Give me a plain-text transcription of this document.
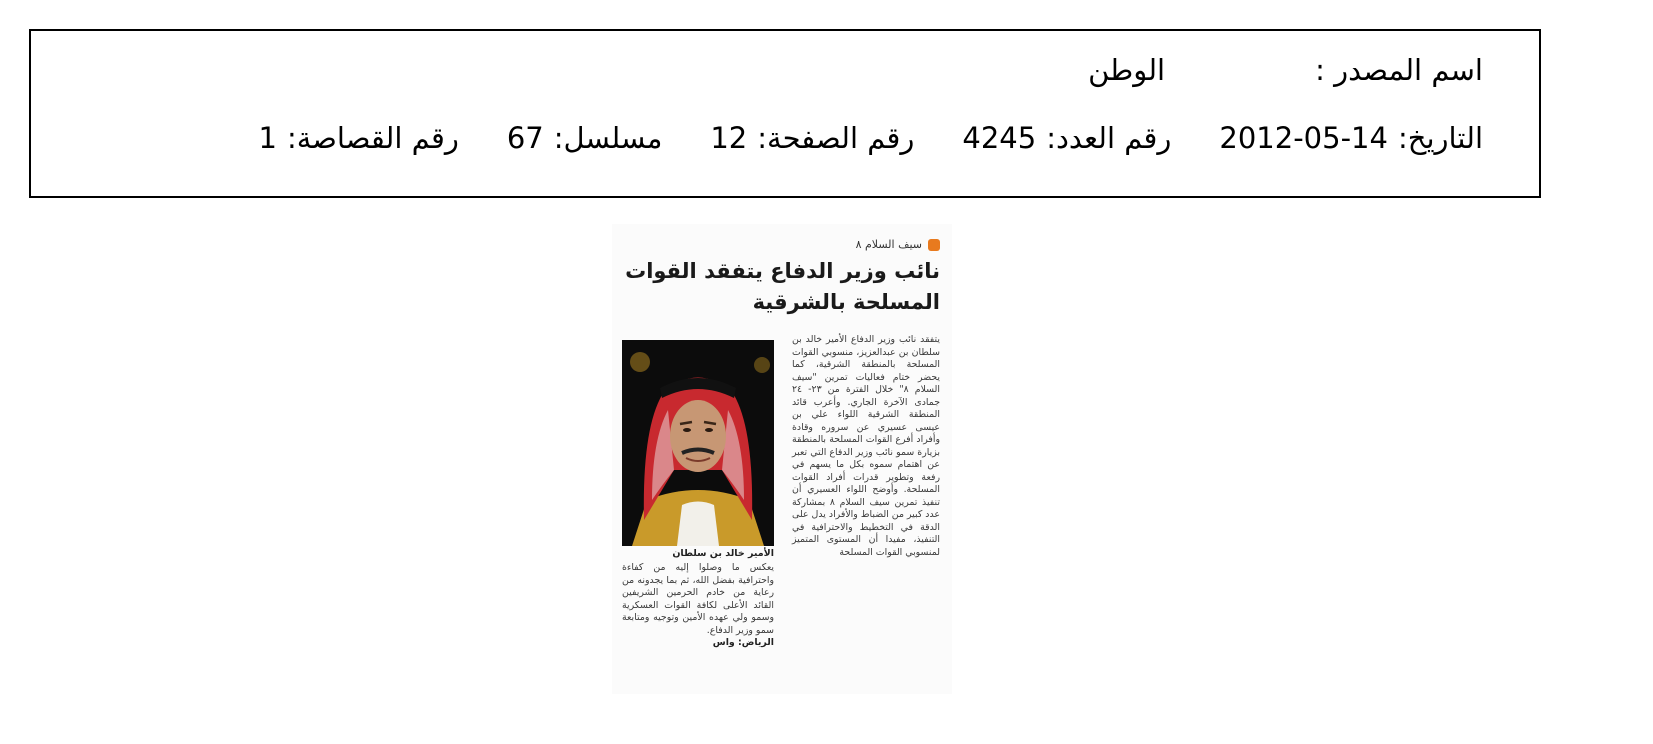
اسم المصدر :
الوطن
التاريخ:
2012-05-14
رقم العدد:
4245
رقم الصفحة:
12
مسلسل:
67
رقم القصاصة:
1
سيف السلام ٨
نائب وزير الدفاع يتفقد القوات المسلحة بالشرقية

يتفقد نائب وزير الدفاع الأمير خالد بن سلطان بن عبدالعزيز، منسوبي القوات المسلحة بالمنطقة الشرقية، كما يحضر ختام فعاليات تمرين "سيف السلام ٨" خلال الفترة من ٢٣- ٢٤ جمادى الآخرة الجاري. وأعرب قائد المنطقة الشرقية اللواء علي بن عيسى عسيري عن سروره وقادة وأفراد أفرع القوات المسلحة بالمنطقة بزيارة سمو نائب وزير الدفاع التي تعبر عن اهتمام سموه بكل ما يسهم في رفعة وتطوير قدرات أفراد القوات المسلحة. وأوضح اللواء العسيري أن تنفيذ تمرين سيف السلام ٨ بمشاركة عدد كبير من الضباط والأفراد يدل على الدقة في التخطيط والاحترافية في التنفيذ، مفيدا أن المستوى المتميز لمنسوبي القوات المسلحة

الأمير خالد بن سلطان

يعكس ما وصلوا إليه من كفاءة واحترافية بفضل الله، ثم بما يجدونه من رعاية من خادم الحرمين الشريفين القائد الأعلى لكافة القوات العسكرية وسمو ولي عهده الأمين وتوجيه ومتابعة سمو وزير الدفاع.

الرياض: واس
